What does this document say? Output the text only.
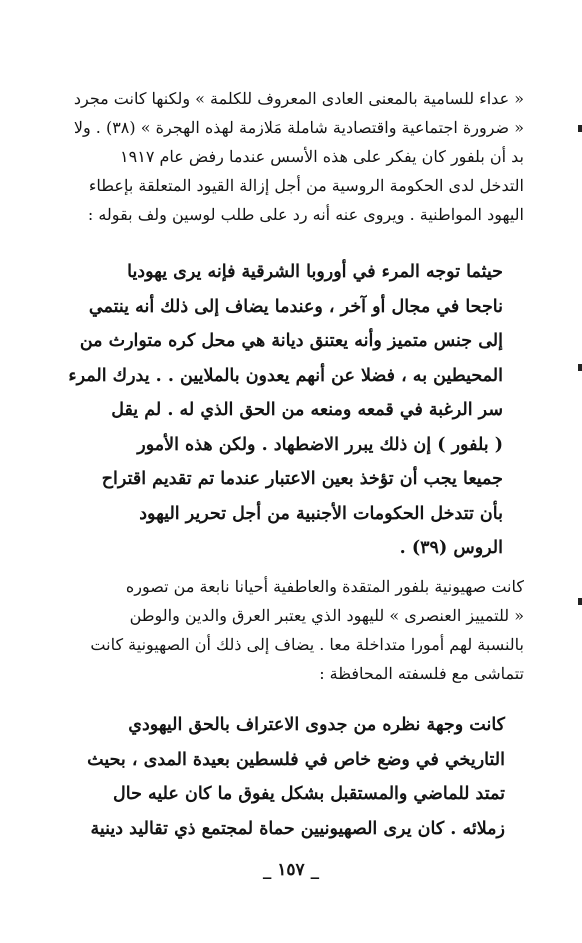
« عداء للسامية بالمعنى العادى المعروف للكلمة » ولكنها كانت مجرد
« ضرورة اجتماعية واقتصادية شاملة مَلازمة لهذه الهجرة » (٣٨) . ولا
بد أن بلفور كان يفكر على هذه الأسس عندما رفض عام ١٩١٧
التدخل لدى الحكومة الروسية من أجل إزالة القيود المتعلقة بإعطاء
اليهود المواطنية . ويروى عنه أنه رد على طلب لوسين ولف بقوله :
حيثما توجه المرء في أوروبا الشرقية فإنه يرى يهوديا
ناجحا في مجال أو آخر ، وعندما يضاف إلى ذلك أنه ينتمي
إلى جنس متميز وأنه يعتنق ديانة هي محل كره متوارث من
المحيطين به ، فضلا عن أنهم يعدون بالملايين . . يدرك المرء
سر الرغبة في قمعه ومنعه من الحق الذي له . لم يقل
( بلفور ) إن ذلك يبرر الاضطهاد . ولكن هذه الأمور
جميعا يجب أن تؤخذ بعين الاعتبار عندما تم تقديم اقتراح
بأن تتدخل الحكومات الأجنبية من أجل تحرير اليهود
الروس (٣٩) .
كانت صهيونية بلفور المتقدة والعاطفية أحيانا نابعة من تصوره
« للتمييز العنصرى » لليهود الذي يعتبر العرق والدين والوطن
بالنسبة لهم أمورا متداخلة معا . يضاف إلى ذلك أن الصهيونية كانت
تتماشى مع فلسفته المحافظة :
كانت وجهة نظره من جدوى الاعتراف بالحق اليهودي
التاريخي في وضع خاص في فلسطين بعيدة المدى ، بحيث
تمتد للماضي والمستقبل بشكل يفوق ما كان عليه حال
زملائه . كان يرى الصهيونيين حماة لمجتمع ذي تقاليد دينية
_ ١٥٧ _
